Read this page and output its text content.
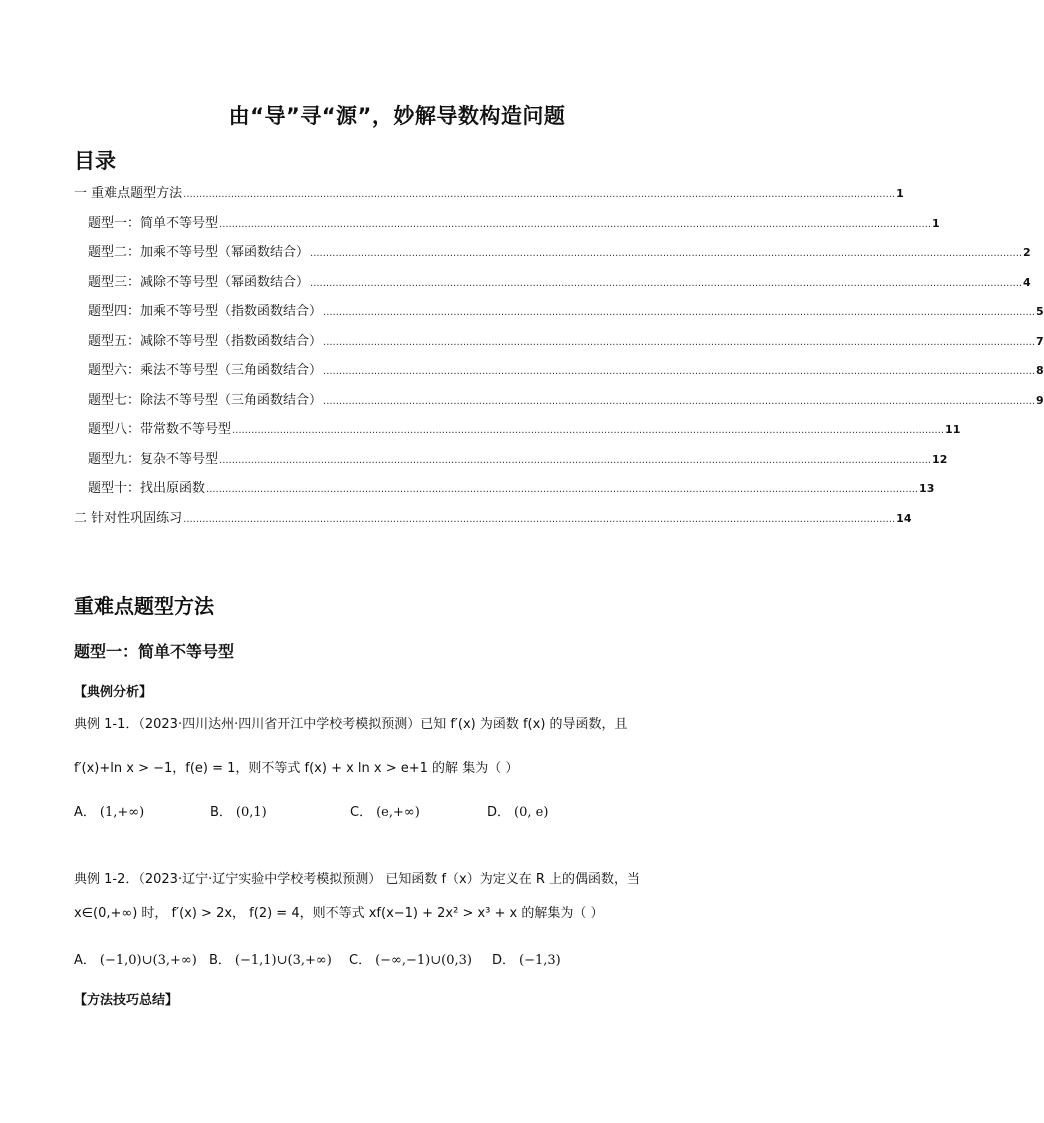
由“导”寻“源”，妙解导数构造问题
目录
一 重难点题型方法 ................................................................................................................................................................................................................................ 1
题型一：简单不等号型 ................................................................................................................................................................................................................................ 1
题型二：加乘不等号型（幂函数结合） ................................................................................................................................................................................................................................ 2
题型三：减除不等号型（幂函数结合） ................................................................................................................................................................................................................................ 4
题型四：加乘不等号型（指数函数结合） ................................................................................................................................................................................................................................ 5
题型五：减除不等号型（指数函数结合） ................................................................................................................................................................................................................................ 7
题型六：乘法不等号型（三角函数结合） ................................................................................................................................................................................................................................ 8
题型七：除法不等号型（三角函数结合） ................................................................................................................................................................................................................................ 9
题型八：带常数不等号型 ................................................................................................................................................................................................................................ 11
题型九：复杂不等号型 ................................................................................................................................................................................................................................ 12
题型十：找出原函数 ................................................................................................................................................................................................................................ 13
二 针对性巩固练习 ................................................................................................................................................................................................................................ 14
重难点题型方法
题型一：简单不等号型
【典例分析】
典例 1-1．（2023·四川达州·四川省开江中学校考模拟预测）已知 f′(x) 为函数 f(x) 的导函数，且
f′(x)+ln x > −1，f(e) = 1，则不等式 f(x) + x ln x > e+1 的解 集为（ ）
A． (1,+∞)	B． (0,1)	C． (e,+∞)	D． (0, e)
典例 1-2．（2023·辽宁·辽宁实验中学校考模拟预测） 已知函数 f（x）为定义在 R 上的偶函数，当
x∈(0,+∞) 时， f′(x) > 2x， f(2) = 4，则不等式 xf(x−1) + 2x² > x³ + x 的解集为（ ）
A． (−1,0)∪(3,+∞) B． (−1,1)∪(3,+∞) C． (−∞,−1)∪(0,3) D． (−1,3)
【方法技巧总结】
